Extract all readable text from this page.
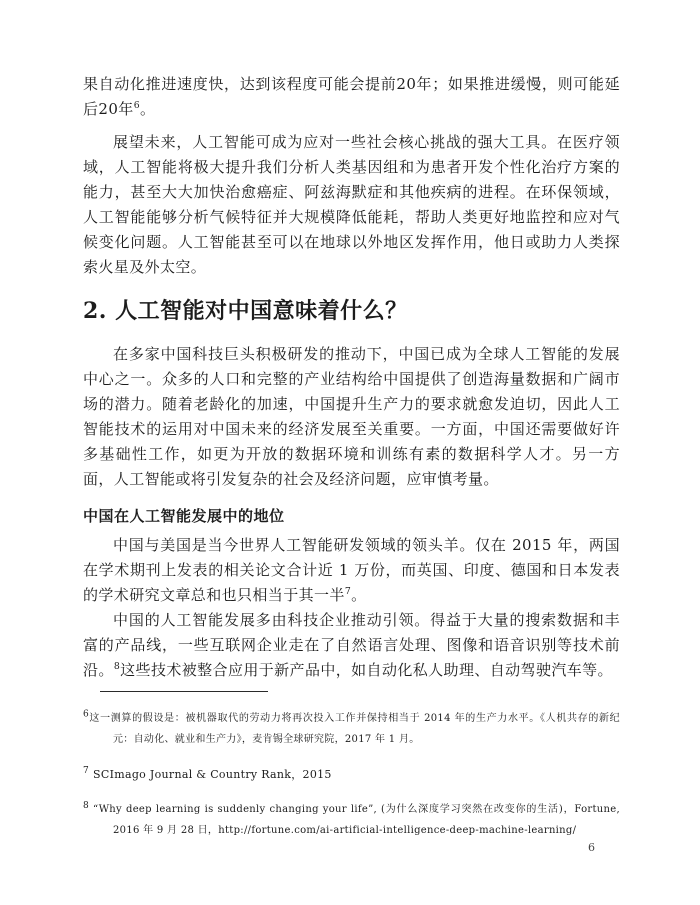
果自动化推进速度快，达到该程度可能会提前20年；如果推进缓慢，则可能延后20年$^6$。

展望未来，人工智能可成为应对一些社会核心挑战的强大工具。在医疗领域，人工智能将极大提升我们分析人类基因组和为患者开发个性化治疗方案的能力，甚至大大加快治愈癌症、阿兹海默症和其他疾病的进程。在环保领域，人工智能能够分析气候特征并大规模降低能耗，帮助人类更好地监控和应对气候变化问题。人工智能甚至可以在地球以外地区发挥作用，他日或助力人类探索火星及外太空。

2. 人工智能对中国意味着什么？

在多家中国科技巨头积极研发的推动下，中国已成为全球人工智能的发展中心之一。众多的人口和完整的产业结构给中国提供了创造海量数据和广阔市场的潜力。随着老龄化的加速，中国提升生产力的要求就愈发迫切，因此人工智能技术的运用对中国未来的经济发展至关重要。一方面，中国还需要做好许多基础性工作，如更为开放的数据环境和训练有素的数据科学人才。另一方面，人工智能或将引发复杂的社会及经济问题，应审慎考量。

中国在人工智能发展中的地位

中国与美国是当今世界人工智能研发领域的领头羊。仅在 2015 年，两国在学术期刊上发表的相关论文合计近 1 万份，而英国、印度、德国和日本发表的学术研究文章总和也只相当于其一半$^7$。

中国的人工智能发展多由科技企业推动引领。得益于大量的搜索数据和丰富的产品线，一些互联网企业走在了自然语言处理、图像和语音识别等技术前沿。$^8$这些技术被整合应用于新产品中，如自动化私人助理、自动驾驶汽车等。

$^6$这一测算的假设是：被机器取代的劳动力将再次投入工作并保持相当于 2014 年的生产力水平。《人机共存的新纪元：自动化、就业和生产力》，麦肯锡全球研究院，2017 年 1 月。

$^7$ SCImago Journal & Country Rank，2015

$^8$ “Why deep learning is suddenly changing your life”, (为什么深度学习突然在改变你的生活)，Fortune, 2016 年 9 月 28 日，http://fortune.com/ai-artificial-intelligence-deep-machine-learning/

6
